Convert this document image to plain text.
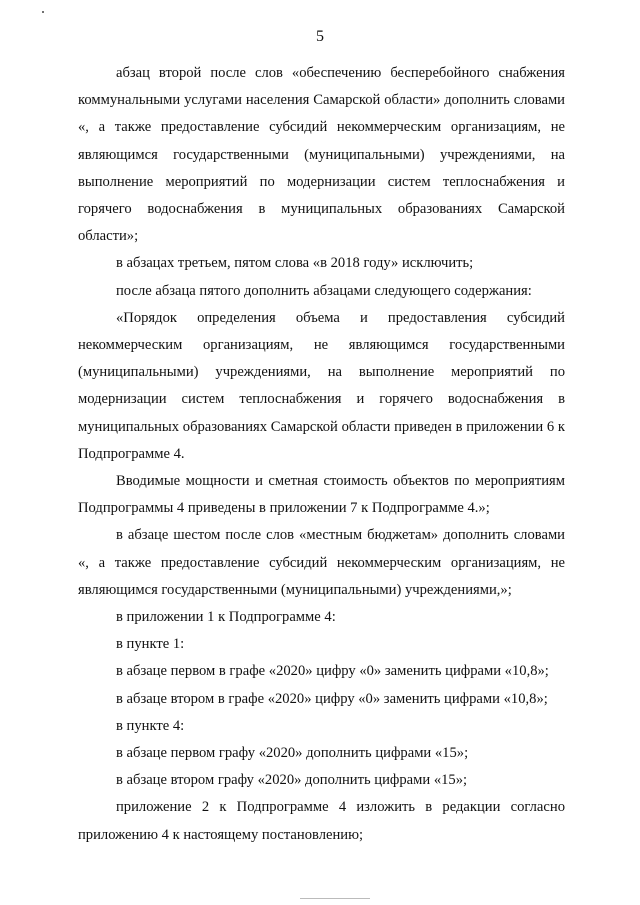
5

абзац второй после слов «обеспечению бесперебойного снабжения коммунальными услугами населения Самарской области» дополнить словами «, а также предоставление субсидий некоммерческим организациям, не являющимся государственными (муниципальными) учреждениями, на выполнение мероприятий по модернизации систем теплоснабжения и горячего водоснабжения в муниципальных образованиях Самарской области»;

в абзацах третьем, пятом слова «в 2018 году» исключить;

после абзаца пятого дополнить абзацами следующего содержания:

«Порядок определения объема и предоставления субсидий некоммерческим организациям, не являющимся государственными (муниципальными) учреждениями, на выполнение мероприятий по модернизации систем теплоснабжения и горячего водоснабжения в муниципальных образованиях Самарской области приведен в приложении 6 к Подпрограмме 4.

Вводимые мощности и сметная стоимость объектов по мероприятиям Подпрограммы 4 приведены в приложении 7 к Подпрограмме 4.»;

в абзаце шестом после слов «местным бюджетам» дополнить словами «, а также предоставление субсидий некоммерческим организациям, не являющимся государственными (муниципальными) учреждениями,»;

в приложении 1 к Подпрограмме 4:

в пункте 1:

в абзаце первом в графе «2020» цифру «0» заменить цифрами «10,8»;

в абзаце втором в графе «2020» цифру «0» заменить цифрами «10,8»;

в пункте 4:

в абзаце первом графу «2020» дополнить цифрами «15»;

в абзаце втором графу «2020» дополнить цифрами «15»;

приложение 2 к Подпрограмме 4 изложить в редакции согласно приложению 4 к настоящему постановлению;
